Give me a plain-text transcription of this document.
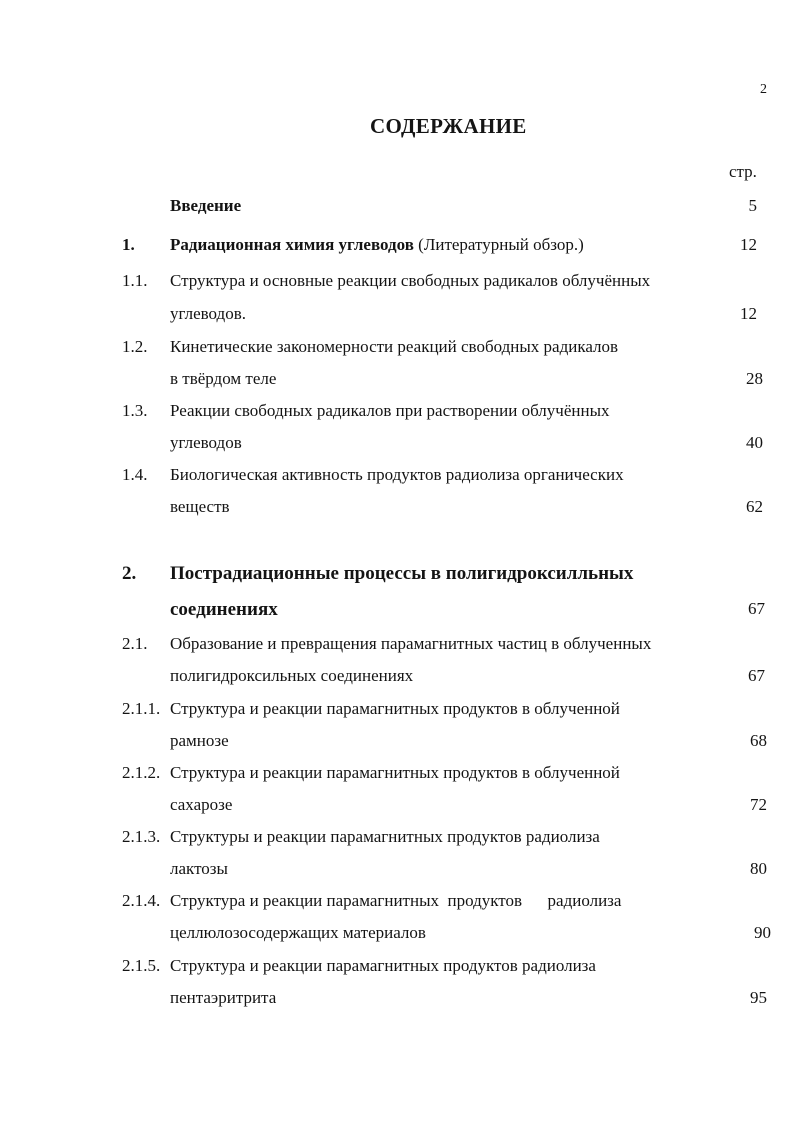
2
СОДЕРЖАНИЕ
стр.
Введение	5
1. Радиационная химия углеводов (Литературный обзор.)	12
1.1. Структура и основные реакции свободных радикалов облучённых
углеводов.	12
1.2. Кинетические закономерности реакций свободных радикалов
в твёрдом теле	28
1.3. Реакции свободных радикалов при растворении облучённых
углеводов	40
1.4. Биологическая активность продуктов радиолиза органических
веществ	62
2. Пострадиационные процессы в полигидроксилльных
соединениях	67
2.1. Образование и превращения парамагнитных частиц в облученных
полигидроксильных соединениях	67
2.1.1. Структура и реакции парамагнитных продуктов в облученной
рамнозе	68
2.1.2. Структура и реакции парамагнитных продуктов в облученной
сахарозе	72
2.1.3. Структуры и реакции парамагнитных продуктов радиолиза
лактозы	80
2.1.4. Структура и реакции парамагнитных  продуктов      радиолиза
целлюлозосодержащих материалов	90
2.1.5. Структура и реакции парамагнитных продуктов радиолиза
пентаэритрита	95
